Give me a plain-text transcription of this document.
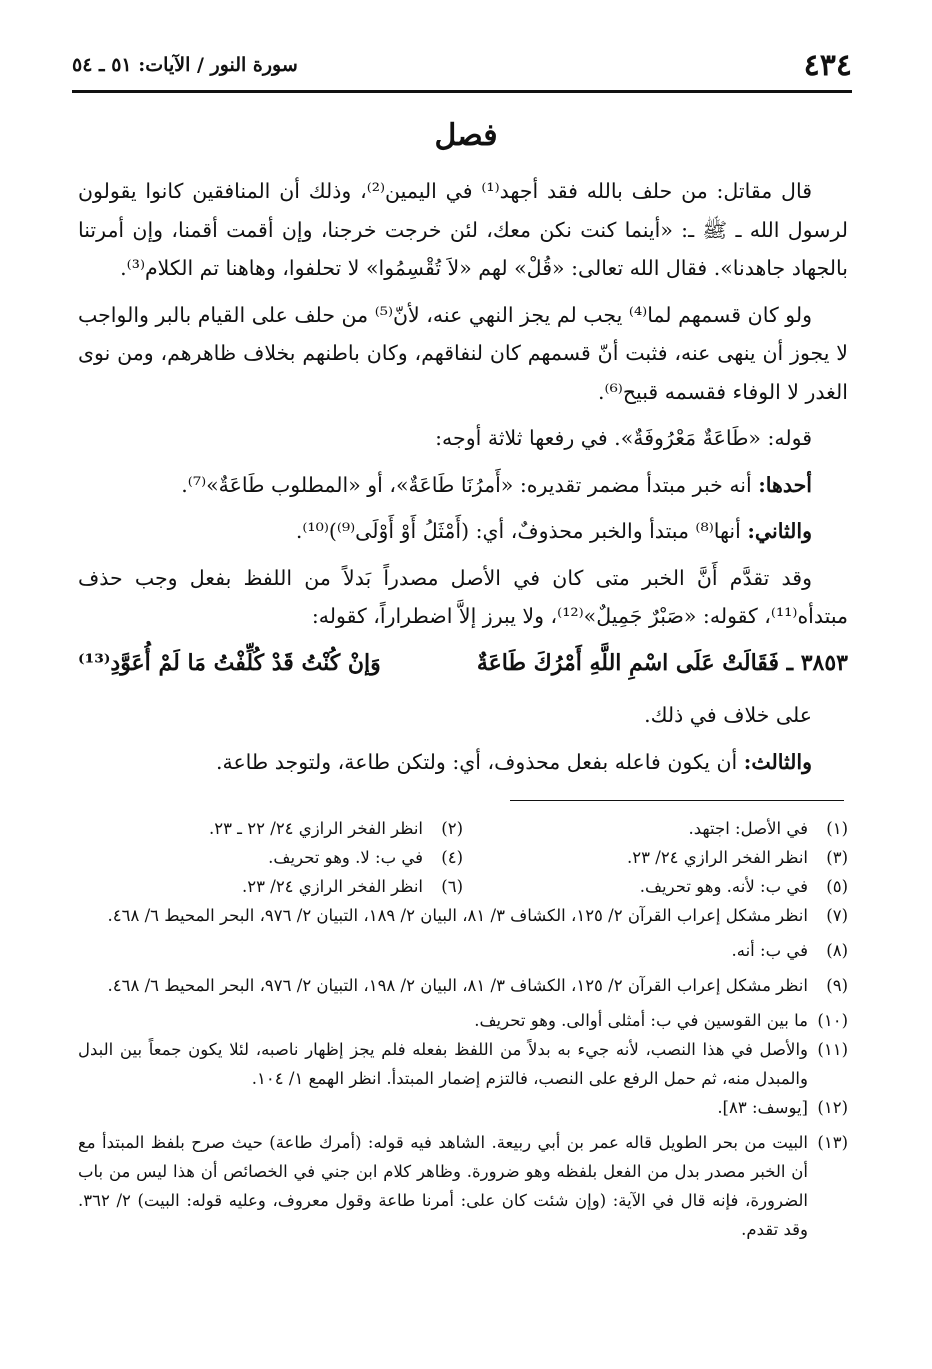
٤٣٤
سورة النور / الآيات: ٥١ ـ ٥٤
فصل

قال مقاتل: من حلف بالله فقد أجهد⁽¹⁾ في اليمين⁽²⁾، وذلك أن المنافقين كانوا يقولون لرسول الله ـ ﷺ ـ: «أينما كنت نكن معك، لئن خرجت خرجنا، وإن أقمت أقمنا، وإن أمرتنا بالجهاد جاهدنا». فقال الله تعالى: «قُلْ» لهم «لاَ تُقْسِمُوا» لا تحلفوا، وهاهنا تم الكلام⁽³⁾.

ولو كان قسمهم لما⁽⁴⁾ يجب لم يجز النهي عنه، لأنّ⁽⁵⁾ من حلف على القيام بالبر والواجب لا يجوز أن ينهى عنه، فثبت أنّ قسمهم كان لنفاقهم، وكان باطنهم بخلاف ظاهرهم، ومن نوى الغدر لا الوفاء فقسمه قبيح⁽⁶⁾.

قوله: «طَاعَةٌ مَعْرُوفَةٌ». في رفعها ثلاثة أوجه:

أحدها: أنه خبر مبتدأ مضمر تقديره: «أَمرُنَا طَاعَةٌ»، أو «المطلوب طَاعَةٌ»⁽⁷⁾.

والثاني: أنها⁽⁸⁾ مبتدأ والخبر محذوفٌ، أي: (أَمْثَلُ أَوْ أَوْلَى⁽⁹⁾)⁽¹⁰⁾.

وقد تقدَّم أَنَّ الخبر متى كان في الأصل مصدراً بَدلاً من اللفظ بفعل وجب حذف مبتدأه⁽¹¹⁾، كقوله: «صَبْرٌ جَمِيلٌ»⁽¹²⁾، ولا يبرز إلاَّ اضطراراً، كقوله:

٣٨٥٣ ـ فَقَالَتْ عَلَى اسْمِ اللَّهِ أَمْرُكَ طَاعَةٌ
وَإنْ كُنْتُ قَدْ كُلِّفْتُ مَا لَمْ أُعَوَّدِ⁽¹³⁾

على خلاف في ذلك.

والثالث: أن يكون فاعله بفعل محذوف، أي: ولتكن طاعة، ولتوجد طاعة.

(١)
في الأصل: اجتهد.
(٢)
انظر الفخر الرازي ٢٤/ ٢٢ ـ ٢٣.
(٣)
انظر الفخر الرازي ٢٤/ ٢٣.
(٤)
في ب: لا. وهو تحريف.
(٥)
في ب: لأنه. وهو تحريف.
(٦)
انظر الفخر الرازي ٢٤/ ٢٣.
(٧)
انظر مشكل إعراب القرآن ٢/ ١٢٥، الكشاف ٣/ ٨١، البيان ٢/ ١٨٩، التبيان ٢/ ٩٧٦، البحر المحيط ٦/ ٤٦٨.
(٨)
في ب: أنه.
(٩)
انظر مشكل إعراب القرآن ٢/ ١٢٥، الكشاف ٣/ ٨١، البيان ٢/ ١٩٨، التبيان ٢/ ٩٧٦، البحر المحيط ٦/ ٤٦٨.
(١٠)
ما بين القوسين في ب: أمثلى أوالى. وهو تحريف.
(١١)
والأصل في هذا النصب، لأنه جيء به بدلاً من اللفظ بفعله فلم يجز إظهار ناصبه، لئلا يكون جمعاً بين البدل والمبدل منه، ثم حمل الرفع على النصب، فالتزم إضمار المبتدأ. انظر الهمع ١/ ١٠٤.
(١٢)
[يوسف: ٨٣].
(١٣)
البيت من بحر الطويل قاله عمر بن أبي ربيعة. الشاهد فيه قوله: (أمرك طاعة) حيث صرح بلفظ المبتدأ مع أن الخبر مصدر بدل من الفعل بلفظه وهو ضرورة. وظاهر كلام ابن جني في الخصائص أن هذا ليس من باب الضرورة، فإنه قال في الآية: (وإن شئت كان على: أمرنا طاعة وقول معروف، وعليه قوله: البيت) ٢/ ٣٦٢. وقد تقدم.
